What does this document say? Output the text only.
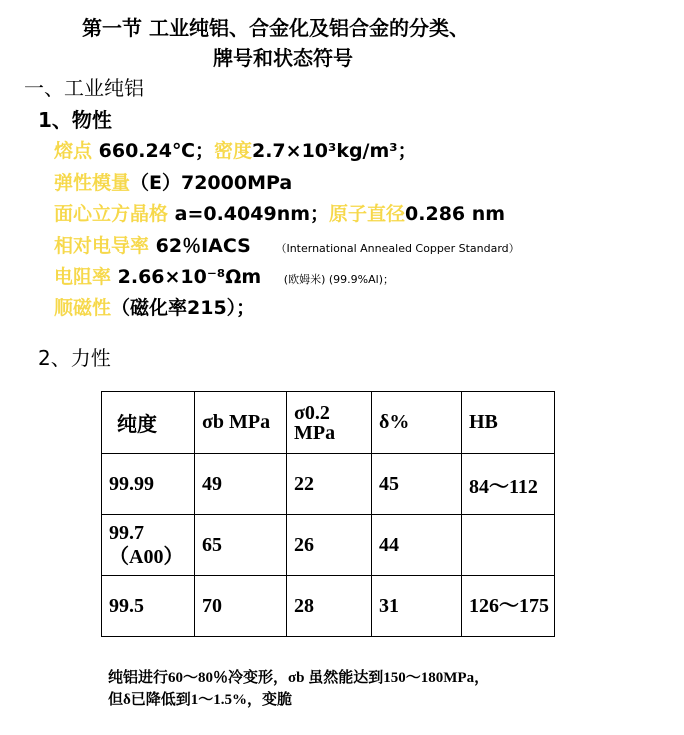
第一节 工业纯铝、合金化及铝合金的分类、
牌号和状态符号
一、工业纯铝
1、物性
熔点 660.24℃；密度2.7×10³kg/m³；
弹性模量（E）72000MPa
面心立方晶格 a=0.4049nm；原子直径0.286 nm
相对电导率 62％IACS （International Annealed Copper Standard）
电阻率 2.66×10⁻⁸Ωm (欧姆米) (99.9%Al)；
顺磁性（磁化率215）；
2、力性
纯度	σb MPa	σ0.2 MPa	δ%	HB
99.99	49	22	45	84～112
99.7（A00）	65	26	44	
99.5	70	28	31	126～175
纯铝进行60～80％冷变形，σb 虽然能达到150～180MPa，
但δ已降低到1～1.5%，变脆
